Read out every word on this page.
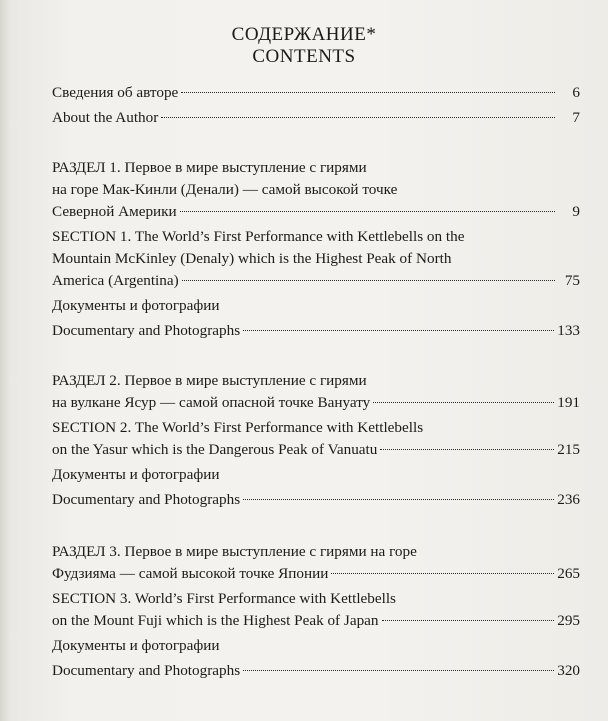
СОДЕРЖАНИЕ*
CONTENTS
Сведения об авторе	6
About the Author	7
РАЗДЕЛ 1. Первое в мире выступление с гирями
на горе Мак-Кинли (Денали) — самой высокой точке
Северной Америки	9
SECTION 1. The World’s First Performance with Kettlebells on the
Mountain McKinley (Denaly) which is the Highest Peak of North
America (Argentina)	75
Документы и фотографии
Documentary and Photographs	133
РАЗДЕЛ 2. Первое в мире выступление с гирями
на вулкане Ясур — самой опасной точке Вануату	191
SECTION 2. The World’s First Performance with Kettlebells
on the Yasur which is the Dangerous Peak of Vanuatu	215
Документы и фотографии
Documentary and Photographs	236
РАЗДЕЛ 3. Первое в мире выступление с гирями на горе
Фудзияма — самой высокой точке Японии	265
SECTION 3. World’s First Performance with Kettlebells
on the Mount Fuji which is the Highest Peak of Japan	295
Документы и фотографии
Documentary and Photographs	320
